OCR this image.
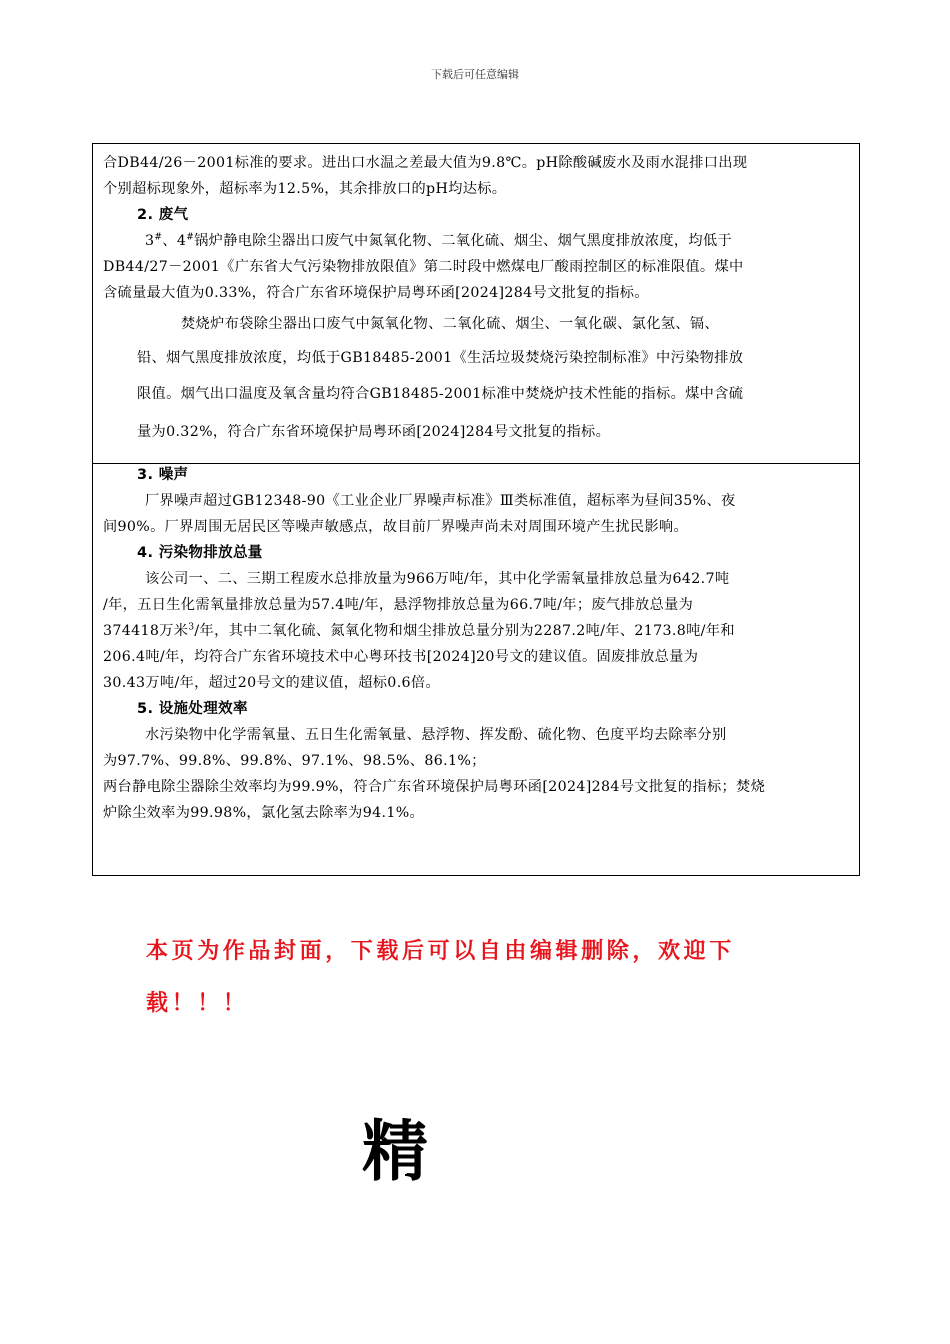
下载后可任意编辑
合DB44/26－2001标准的要求。进出口水温之差最大值为9.8℃。pH除酸碱废水及雨水混排口出现
个别超标现象外，超标率为12.5%，其余排放口的pH均达标。
2. 废气
3#、4#锅炉静电除尘器出口废气中氮氧化物、二氧化硫、烟尘、烟气黑度排放浓度，均低于
DB44/27－2001《广东省大气污染物排放限值》第二时段中燃煤电厂酸雨控制区的标准限值。煤中
含硫量最大值为0.33%，符合广东省环境保护局粤环函[2024]284号文批复的指标。
焚烧炉布袋除尘器出口废气中氮氧化物、二氧化硫、烟尘、一氧化碳、氯化氢、镉、
铅、烟气黑度排放浓度，均低于GB18485-2001《生活垃圾焚烧污染控制标准》中污染物排放
限值。烟气出口温度及氧含量均符合GB18485-2001标准中焚烧炉技术性能的指标。煤中含硫
量为0.32%，符合广东省环境保护局粤环函[2024]284号文批复的指标。
3. 噪声
厂界噪声超过GB12348-90《工业企业厂界噪声标准》Ⅲ类标准值，超标率为昼间35%、夜
间90%。厂界周围无居民区等噪声敏感点，故目前厂界噪声尚未对周围环境产生扰民影响。
4. 污染物排放总量
该公司一、二、三期工程废水总排放量为966万吨/年，其中化学需氧量排放总量为642.7吨
/年，五日生化需氧量排放总量为57.4吨/年，悬浮物排放总量为66.7吨/年；废气排放总量为
374418万米$^3$/年，其中二氧化硫、氮氧化物和烟尘排放总量分别为2287.2吨/年、2173.8吨/年和
206.4吨/年，均符合广东省环境技术中心粤环技书[2024]20号文的建议值。固废排放总量为
30.43万吨/年，超过20号文的建议值，超标0.6倍。
5. 设施处理效率
水污染物中化学需氧量、五日生化需氧量、悬浮物、挥发酚、硫化物、色度平均去除率分别
为97.7%、99.8%、99.8%、97.1%、98.5%、86.1%；
两台静电除尘器除尘效率均为99.9%，符合广东省环境保护局粤环函[2024]284号文批复的指标；焚烧
炉除尘效率为99.98%，氯化氢去除率为94.1%。
本页为作品封面，下载后可以自由编辑删除，欢迎下
载！！！
精
